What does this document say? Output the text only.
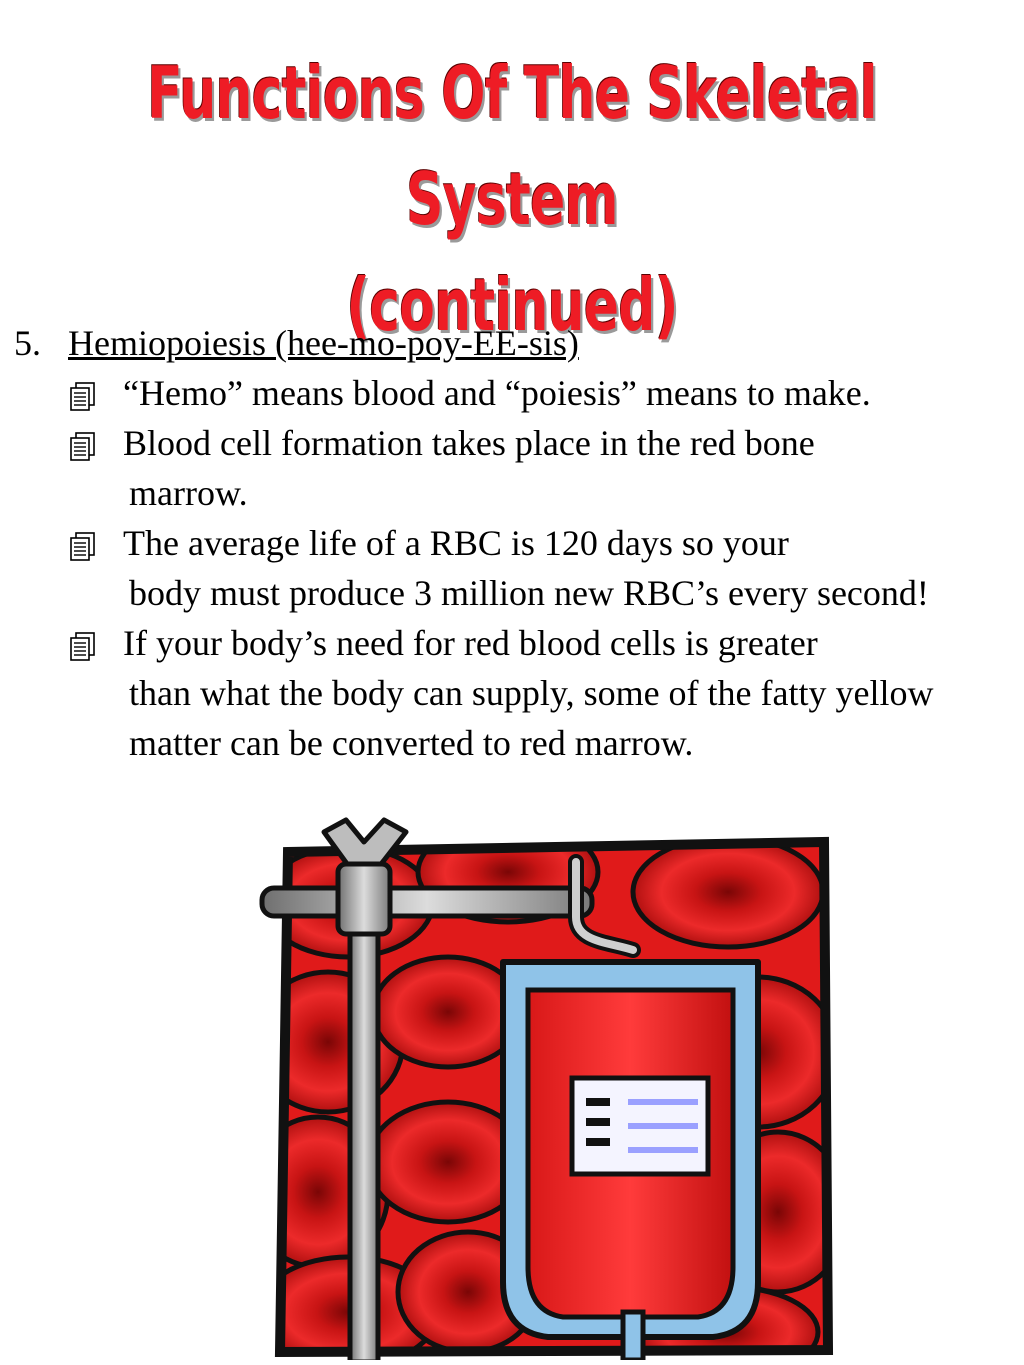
Functions Of The Skeletal System
(continued)
5. Hemiopoiesis (hee-mo-poy-EE-sis)
“Hemo” means blood and “poiesis” means to make.
Blood cell formation takes place in the red bone
marrow.
The average life of a RBC is 120 days so your
body must produce 3 million new RBC’s every second!
If your body’s need for red blood cells is greater
than what the body can supply, some of the fatty yellow matter can be converted to red marrow.
